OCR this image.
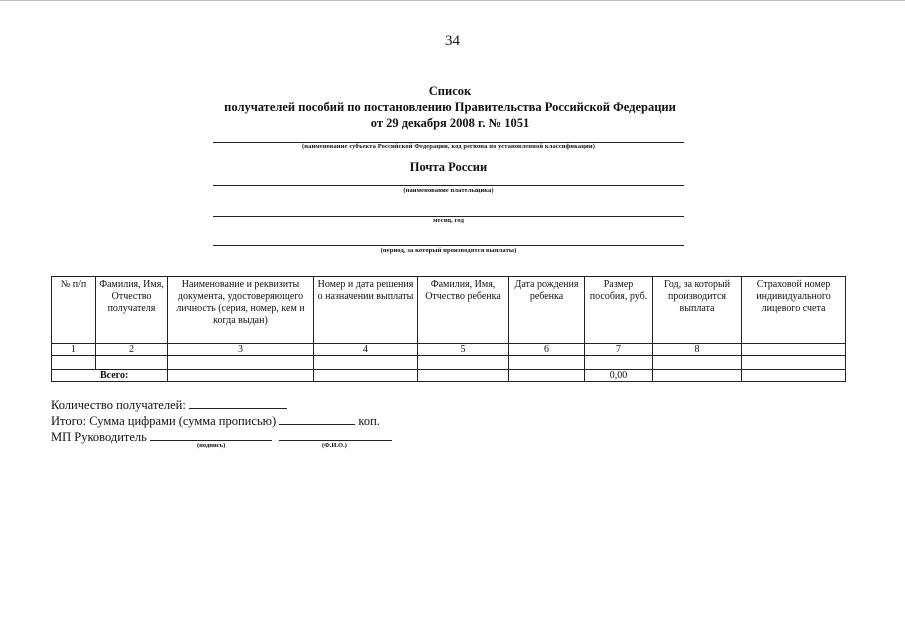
34
Список
получателей пособий по постановлению Правительства Российской Федерации
от 29 декабря 2008 г. № 1051
(наименование субъекта Российской Федерации, код региона по установленной классификации)
Почта России
(наименование плательщика)
месяц, год
(период, за который производятся выплаты)
№ п/п	Фамилия, Имя, Отчество получателя	Наименование и реквизиты документа, удостоверяющего личность (серия, номер, кем и когда выдан)	Номер и дата решения о назначении выплаты	Фамилия, Имя, Отчество ребенка	Дата рождения ребенка	Размер пособия, руб.	Год, за который производится выплата	Страховой номер индивидуального лицевого счета
1	2	3	4	5	6	7	8	

Всего:						0,00		
Количество получателей:
Итого: Сумма цифрами (сумма прописью)	коп.
МП Руководитель
(подпись)	(Ф.И.О.)
